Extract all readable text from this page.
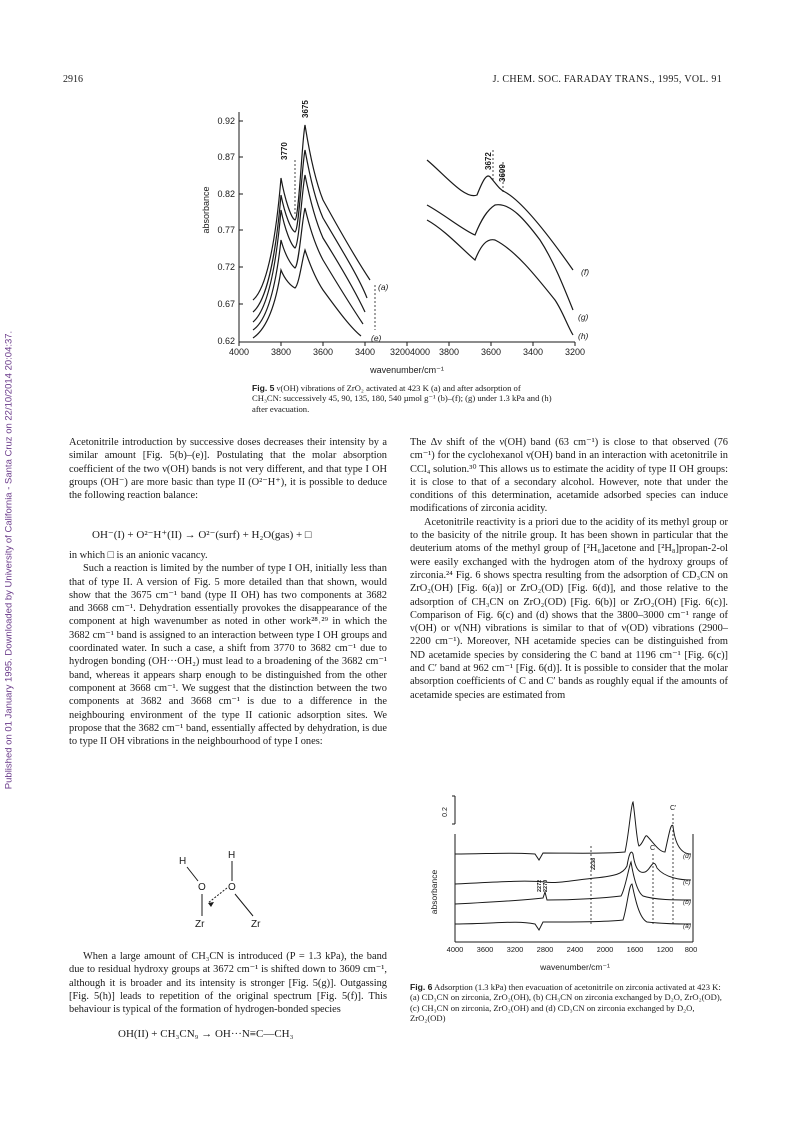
Published on 01 January 1995. Downloaded by University of California - Santa Cruz on 22/10/2014 20:04:37.
2916	J. CHEM. SOC. FARADAY TRANS., 1995, VOL. 91
absorbance
0.92
0.87
0.82
0.77
0.72
0.67
0.62
4000 3800 3600 3400 3200 4000 3800 3600 3400 3200
wavenumber/cm⁻¹
(a)
(e)
3675
3770
3672
3609
(f)
(g)
(h)
Fig. 5 ν(OH) vibrations of ZrO₂ activated at 423 K (a) and after adsorption of CH₃CN: successively 45, 90, 135, 180, 540 µmol g⁻¹ (b)–(f); (g) under 1.3 kPa and (h) after evacuation.

Acetonitrile introduction by successive doses decreases their intensity by a similar amount [Fig. 5(b)–(e)]. Postulating that the molar absorption coefficient of the two ν(OH) bands is not very different, and that type I OH groups (OH⁻) are more basic than type II (O²⁻H⁺), it is possible to deduce the following reaction balance:

OH⁻(I) + O²⁻H⁺(II) → O²⁻(surf) + H₂O(gas) + □

in which □ is an anionic vacancy.

Such a reaction is limited by the number of type I OH, initially less than that of type II. A version of Fig. 5 more detailed than that shown, would show that the 3675 cm⁻¹ band (type II OH) has two components at 3682 and 3668 cm⁻¹. Dehydration essentially provokes the disappearance of the component at high wavenumber as noted in other work²⁸˒²⁹ in which the 3682 cm⁻¹ band is assigned to an interaction between type I OH groups and coordinated water. In such a case, a shift from 3770 to 3682 cm⁻¹ due to hydrogen bonding (OH···OH₂) must lead to a broadening of the 3682 cm⁻¹ band, whereas it appears sharp enough to be distinguished from the other component at 3668 cm⁻¹. We suggest that the distinction between the two components at 3682 and 3668 cm⁻¹ is due to a difference in the neighbouring environment of the type II cationic adsorption sites. We propose that the 3682 cm⁻¹ band, essentially affected by dehydration, is due to type II OH vibrations in the neighbourhood of type I ones:

H
H
O O
Zr	Zr

When a large amount of CH₃CN is introduced (P = 1.3 kPa), the band due to residual hydroxy groups at 3672 cm⁻¹ is shifted down to 3609 cm⁻¹, although it is broader and its intensity is stronger [Fig. 5(g)]. Outgassing [Fig. 5(h)] leads to repetition of the original spectrum [Fig. 5(f)]. This behaviour is typical of the formation of hydrogen-bonded species

OH(II) + CH₃CN₉ → OH···N≡C—CH₃

The Δν shift of the ν(OH) band (63 cm⁻¹) is close to that observed (76 cm⁻¹) for the cyclohexanol ν(OH) band in an interaction with acetonitrile in CCl₄ solution.³⁰ This allows us to estimate the acidity of type II OH groups: it is close to that of a secondary alcohol. However, note that under the conditions of this determination, acetamide adsorbed species can induce modifications of zirconia acidity.

Acetonitrile reactivity is a priori due to the acidity of its methyl group or to the basicity of the nitrile group. It has been shown in particular that the deuterium atoms of the methyl group of [²H₆]acetone and [²H₈]propan-2-ol were easily exchanged with the hydrogen atom of the hydroxy groups of zirconia.²⁴ Fig. 6 shows spectra resulting from the adsorption of CD₃CN on ZrO₂(OH) [Fig. 6(a)] or ZrO₂(OD) [Fig. 6(d)], and those relative to the adsorption of CH₃CN on ZrO₂(OD) [Fig. 6(b)] or ZrO₂(OH) [Fig. 6(c)]. Comparison of Fig. 6(c) and (d) shows that the 3800–3000 cm⁻¹ range of ν(OH) or ν(NH) vibrations is similar to that of ν(OD) vibrations (2900–2200 cm⁻¹). Moreover, NH acetamide species can be distinguished from ND acetamide species by considering the C band at 1196 cm⁻¹ [Fig. 6(c)] and C′ band at 962 cm⁻¹ [Fig. 6(d)]. It is possible to consider that the molar absorption coefficients of C and C′ bands as roughly equal if the amounts of acetamide species are estimated from

absorbance
0.2
4000 3600 3200 2800 2400 2000 1600 1200 800
wavenumber/cm⁻¹
C'
C
2238
2272 2270
(d)
(c)
(b)
(a)
Fig. 6 Adsorption (1.3 kPa) then evacuation of acetonitrile on zirconia activated at 423 K: (a) CD₃CN on zirconia, ZrO₂(OH), (b) CH₃CN on zirconia exchanged by D₂O, ZrO₂(OD), (c) CH₃CN on zirconia, ZrO₂(OH) and (d) CD₃CN on zirconia exchanged by D₂O, ZrO₂(OD)
